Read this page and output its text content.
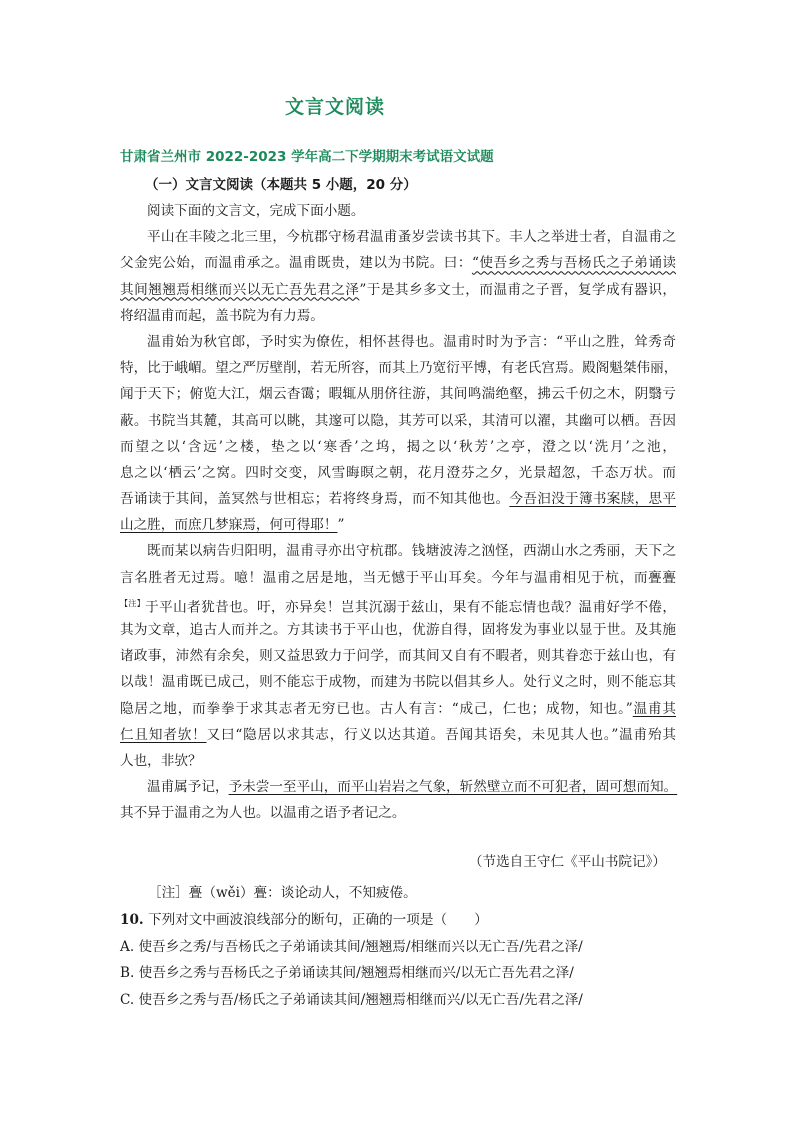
文言文阅读
甘肃省兰州市 2022-2023 学年高二下学期期末考试语文试题
（一）文言文阅读（本题共 5 小题，20 分）
阅读下面的文言文，完成下面小题。
平山在丰陵之北三里，今杭郡守杨君温甫蚤岁尝读书其下。丰人之举进士者，自温甫之
父金宪公始，而温甫承之。温甫既贵，建以为书院。曰：“使吾乡之秀与吾杨氏之子弟诵读
其间翘翘焉相继而兴以无亡吾先君之泽”于是其乡多文士，而温甫之子晋，复学成有器识，
将绍温甫而起，盖书院为有力焉。
温甫始为秋官郎，予时实为僚佐，相怀甚得也。温甫时时为予言：“平山之胜，耸秀奇
特，比于峨嵋。望之严厉壁削，若无所容，而其上乃宽衍平博，有老氏宫焉。殿阁魁桀伟丽，
闻于天下；俯览大江，烟云杳霭；暇辄从朋侪往游，其间鸣湍绝壑，拂云千仞之木，阴翳亏
蔽。书院当其麓，其高可以眺，其邃可以隐，其芳可以采，其清可以濯，其幽可以栖。吾因
而望之以‘含远’之楼，垫之以‘寒香’之坞，揭之以‘秋芳’之亭，澄之以‘洗月’之池，
息之以‘栖云’之窝。四时交变，风雪晦暝之朝，花月澄芬之夕，光景超忽，千态万状。而
吾诵读于其间，盖冥然与世相忘；若将终身焉，而不知其他也。今吾汩没于簿书案牍，思平
山之胜，而庶几梦寐焉，何可得耶！”
既而某以病告归阳明，温甫寻亦出守杭郡。钱塘波涛之汹怪，西湖山水之秀丽，天下之
言名胜者无过焉。噫！温甫之居是地，当无憾于平山耳矣。今年与温甫相见于杭，而亹亹
$^{【注】}$于平山者犹昔也。吁，亦异矣！岂其沉溺于兹山，果有不能忘情也哉？温甫好学不倦，
其为文章，追古人而并之。方其读书于平山也，优游自得，固将发为事业以显于世。及其施
诸政事，沛然有余矣，则又益思致力于问学，而其间又自有不暇者，则其眷恋于兹山也，有
以哉！温甫既已成己，则不能忘于成物，而建为书院以倡其乡人。处行义之时，则不能忘其
隐居之地，而拳拳于求其志者无穷已也。古人有言：“成己，仁也；成物，知也。”温甫其
仁且知者欤！又曰“隐居以求其志，行义以达其道。吾闻其语矣，未见其人也。”温甫殆其
人也，非欤？
温甫属予记，予未尝一至平山，而平山岩岩之气象，斩然壁立而不可犯者，固可想而知。
其不异于温甫之为人也。以温甫之语予者记之。
（节选自王守仁《平山书院记》）
［注］亹（wěi）亹：谈论动人，不知疲倦。
10. 下列对文中画波浪线部分的断句，正确的一项是（　　）
A. 使吾乡之秀/与吾杨氏之子弟诵读其间/翘翘焉/相继而兴以无亡吾/先君之泽/
B. 使吾乡之秀与吾杨氏之子弟诵读其间/翘翘焉相继而兴/以无亡吾先君之泽/
C. 使吾乡之秀与吾/杨氏之子弟诵读其间/翘翘焉相继而兴/以无亡吾/先君之泽/
